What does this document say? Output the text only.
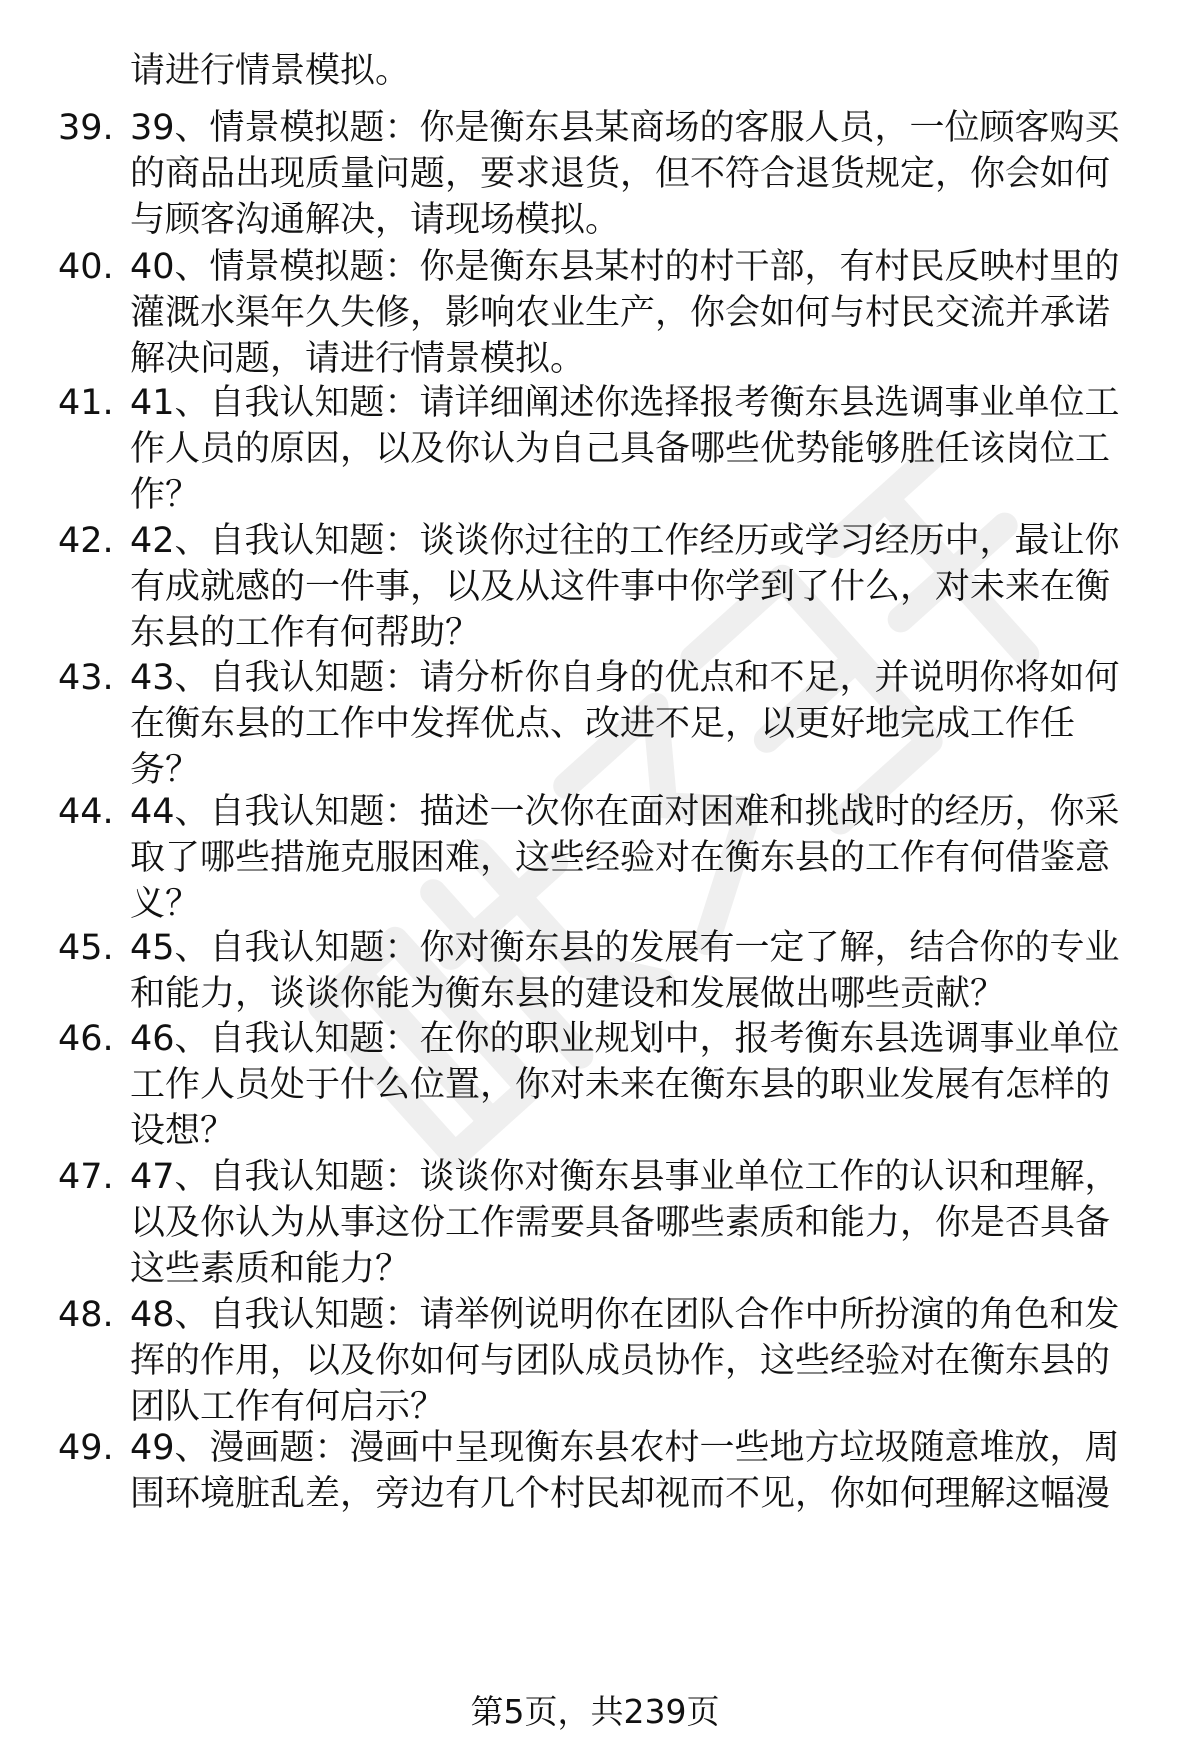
请进行情景模拟。
39. 39、情景模拟题：你是衡东县某商场的客服人员，一位顾客购买
的商品出现质量问题，要求退货，但不符合退货规定，你会如何
与顾客沟通解决，请现场模拟。
40. 40、情景模拟题：你是衡东县某村的村干部，有村民反映村里的
灌溉水渠年久失修，影响农业生产，你会如何与村民交流并承诺
解决问题，请进行情景模拟。
41. 41、自我认知题：请详细阐述你选择报考衡东县选调事业单位工
作人员的原因，以及你认为自己具备哪些优势能够胜任该岗位工
作？
42. 42、自我认知题：谈谈你过往的工作经历或学习经历中，最让你
有成就感的一件事，以及从这件事中你学到了什么，对未来在衡
东县的工作有何帮助？
43. 43、自我认知题：请分析你自身的优点和不足，并说明你将如何
在衡东县的工作中发挥优点、改进不足，以更好地完成工作任
务？
44. 44、自我认知题：描述一次你在面对困难和挑战时的经历，你采
取了哪些措施克服困难，这些经验对在衡东县的工作有何借鉴意
义？
45. 45、自我认知题：你对衡东县的发展有一定了解，结合你的专业
和能力，谈谈你能为衡东县的建设和发展做出哪些贡献？
46. 46、自我认知题：在你的职业规划中，报考衡东县选调事业单位
工作人员处于什么位置，你对未来在衡东县的职业发展有怎样的
设想？
47. 47、自我认知题：谈谈你对衡东县事业单位工作的认识和理解，
以及你认为从事这份工作需要具备哪些素质和能力，你是否具备
这些素质和能力？
48. 48、自我认知题：请举例说明你在团队合作中所扮演的角色和发
挥的作用，以及你如何与团队成员协作，这些经验对在衡东县的
团队工作有何启示？
49. 49、漫画题：漫画中呈现衡东县农村一些地方垃圾随意堆放，周
围环境脏乱差，旁边有几个村民却视而不见，你如何理解这幅漫
第5页，共239页
